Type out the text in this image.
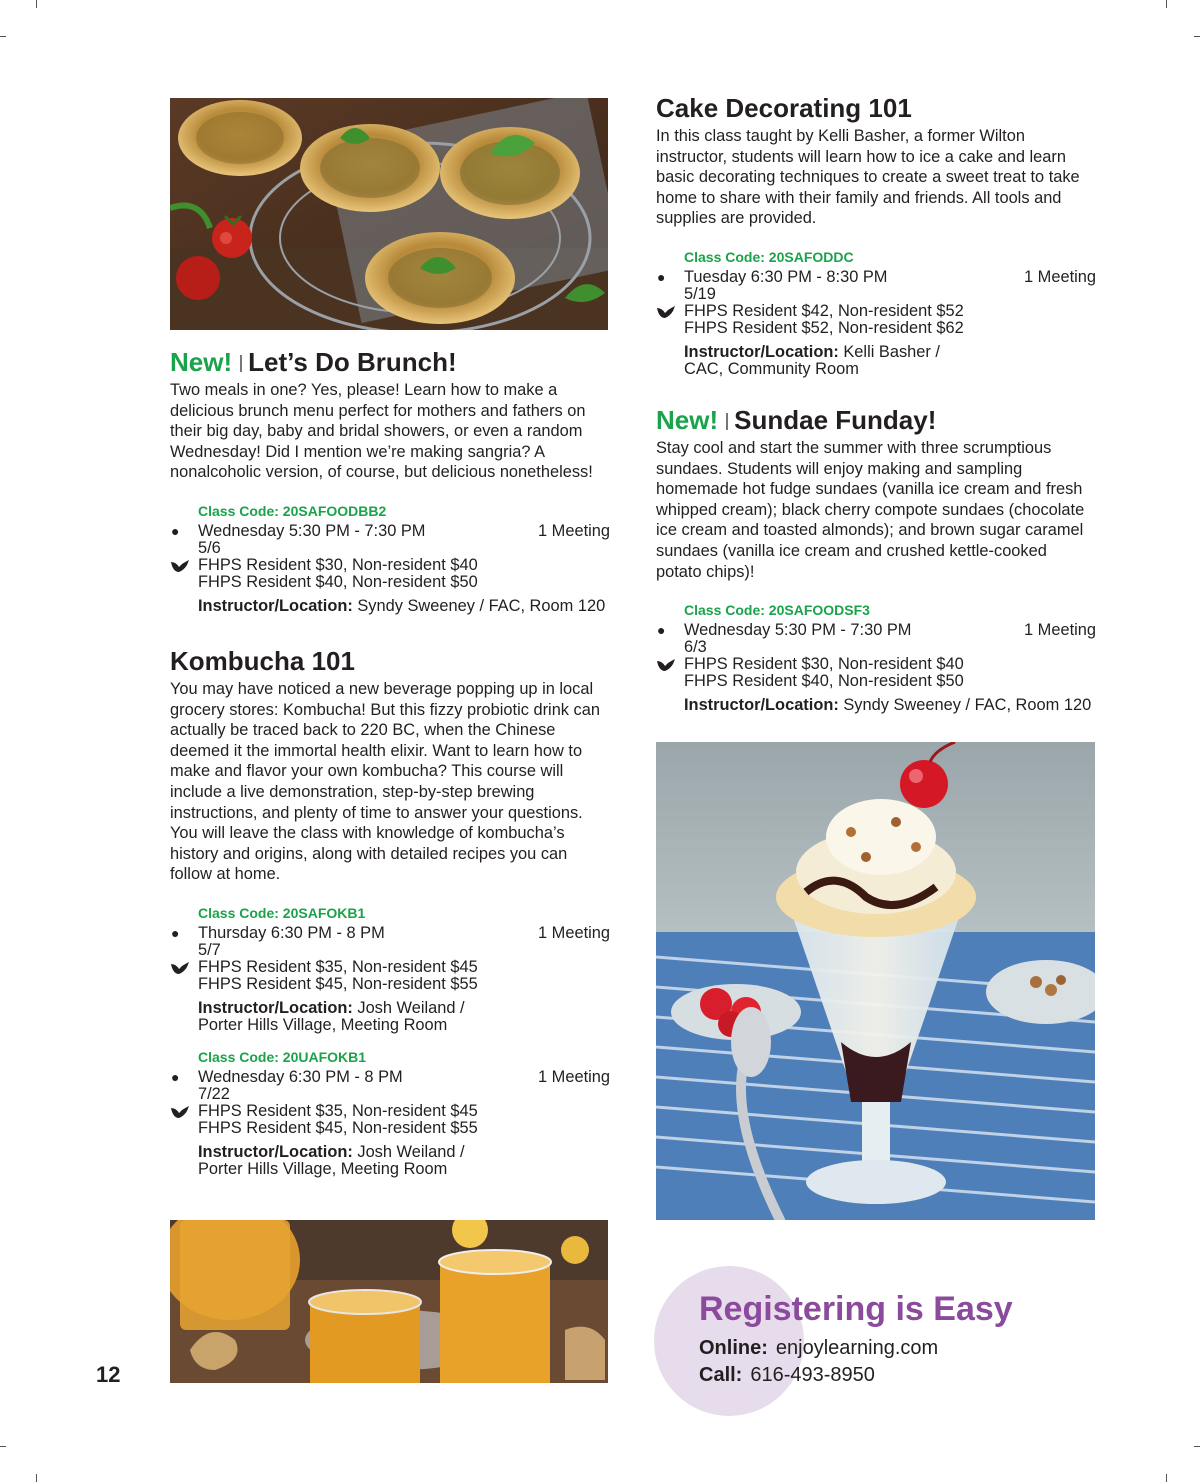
New! Let’s Do Brunch!

Two meals in one? Yes, please! Learn how to make a delicious brunch menu perfect for mothers and fathers on their big day, baby and bridal showers, or even a random Wednesday! Did I mention we’re making sangria? A nonalcoholic version, of course, but delicious nonetheless!

Class Code: 20SAFOODBB2
● Wednesday 5:30 PM - 7:30 PM	1 Meeting
5/6
FHPS Resident $30, Non-resident $40
FHPS Resident $40, Non-resident $50
Instructor/Location: Syndy Sweeney / FAC, Room 120
Kombucha 101

You may have noticed a new beverage popping up in local grocery stores: Kombucha! But this fizzy probiotic drink can actually be traced back to 220 BC, when the Chinese deemed it the immortal health elixir. Want to learn how to make and flavor your own kombucha? This course will include a live demonstration, step-by-step brewing instructions, and plenty of time to answer your questions. You will leave the class with knowledge of kombucha’s history and origins, along with detailed recipes you can follow at home.

Class Code: 20SAFOKB1
● Thursday 6:30 PM - 8 PM	1 Meeting
5/7
FHPS Resident $35, Non-resident $45
FHPS Resident $45, Non-resident $55
Instructor/Location: Josh Weiland /
Porter Hills Village, Meeting Room
Class Code: 20UAFOKB1
● Wednesday 6:30 PM - 8 PM	1 Meeting
7/22
FHPS Resident $35, Non-resident $45
FHPS Resident $45, Non-resident $55
Instructor/Location: Josh Weiland /
Porter Hills Village, Meeting Room
Cake Decorating 101

In this class taught by Kelli Basher, a former Wilton instructor, students will learn how to ice a cake and learn basic decorating techniques to create a sweet treat to take home to share with their family and friends. All tools and supplies are provided.

Class Code: 20SAFODDC
● Tuesday 6:30 PM - 8:30 PM	1 Meeting
5/19
FHPS Resident $42, Non-resident $52
FHPS Resident $52, Non-resident $62
Instructor/Location: Kelli Basher /
CAC, Community Room
New! Sundae Funday!

Stay cool and start the summer with three scrumptious sundaes. Students will enjoy making and sampling homemade hot fudge sundaes (vanilla ice cream and fresh whipped cream); black cherry compote sundaes (chocolate ice cream and toasted almonds); and brown sugar caramel sundaes (vanilla ice cream and crushed kettle-cooked potato chips)!

Class Code: 20SAFOODSF3
● Wednesday 5:30 PM - 7:30 PM	1 Meeting
6/3
FHPS Resident $30, Non-resident $40
FHPS Resident $40, Non-resident $50
Instructor/Location: Syndy Sweeney / FAC, Room 120
12
Registering is Easy
Online: enjoylearning.com
Call: 616-493-8950
